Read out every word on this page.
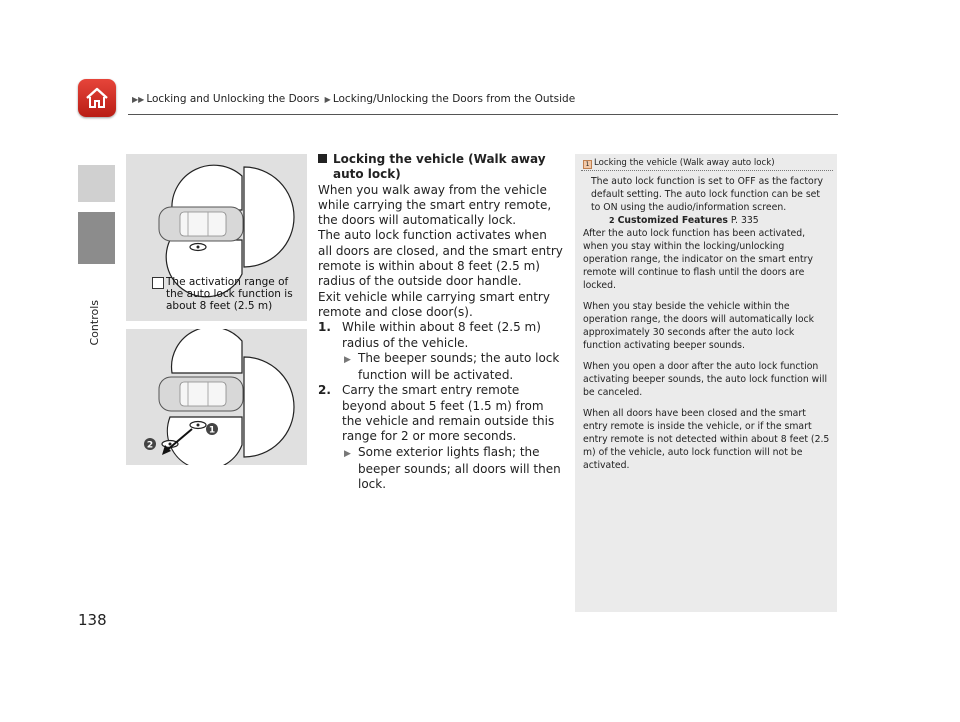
▶▶ Locking and Unlocking the Doors ▶ Locking/Unlocking the Doors from the Outside
Controls
138
The activation range of the auto lock function is about 8 feet (2.5 m)
1
2
Locking the vehicle (Walk away auto lock)

When you walk away from the vehicle while carrying the smart entry remote, the doors will automatically lock.

The auto lock function activates when all doors are closed, and the smart entry remote is within about 8 feet (2.5 m) radius of the outside door handle.

Exit vehicle while carrying smart entry remote and close door(s).

1. While within about 8 feet (2.5 m) radius of the vehicle.

▶ The beeper sounds; the auto lock function will be activated.

2. Carry the smart entry remote beyond about 5 feet (1.5 m) from the vehicle and remain outside this range for 2 or more seconds.

▶ Some exterior lights flash; the beeper sounds; all doors will then lock.

1 Locking the vehicle (Walk away auto lock)

The auto lock function is set to OFF as the factory default setting. The auto lock function can be set to ON using the audio/information screen.

2 Customized Features P. 335

After the auto lock function has been activated, when you stay within the locking/unlocking operation range, the indicator on the smart entry remote will continue to flash until the doors are locked.

When you stay beside the vehicle within the operation range, the doors will automatically lock approximately 30 seconds after the auto lock function activating beeper sounds.

When you open a door after the auto lock function activating beeper sounds, the auto lock function will be canceled.

When all doors have been closed and the smart entry remote is inside the vehicle, or if the smart entry remote is not detected within about 8 feet (2.5 m) of the vehicle, auto lock function will not be activated.
